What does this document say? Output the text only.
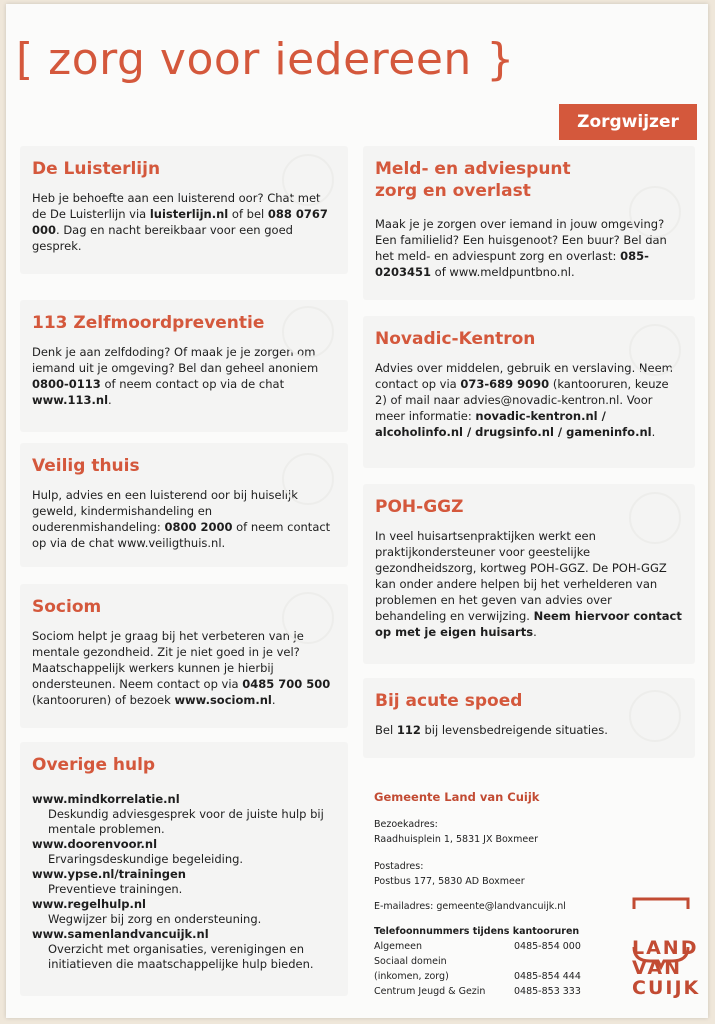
[ zorg voor iedereen }
Zorgwijzer
De Luisterlijn

Heb je behoefte aan een luisterend oor? Chat met de De Luisterlijn via luisterlijn.nl of bel 088 0767 000. Dag en nacht bereikbaar voor een goed gesprek.

Meld- en adviespunt zorg en overlast

Maak je je zorgen over iemand in jouw omgeving? Een familielid? Een huisgenoot? Een buur? Bel dan het meld- en adviespunt zorg en overlast: 085-0203451 of www.meldpuntbno.nl.

113 Zelfmoordpreventie

Denk je aan zelfdoding? Of maak je je zorgen om iemand uit je omgeving? Bel dan geheel anoniem 0800-0113 of neem contact op via de chat www.113.nl.

Novadic-Kentron

Advies over middelen, gebruik en verslaving. Neem contact op via 073-689 9090 (kantooruren, keuze 2) of mail naar advies@novadic-kentron.nl. Voor meer informatie: novadic-kentron.nl / alcoholinfo.nl / drugsinfo.nl / gameninfo.nl.

Veilig thuis

Hulp, advies en een luisterend oor bij huiselijk geweld, kindermishandeling en ouderenmishandeling: 0800 2000 of neem contact op via de chat www.veiligthuis.nl.

POH-GGZ

In veel huisartsenpraktijken werkt een praktijkondersteuner voor geestelijke gezondheidszorg, kortweg POH-GGZ. De POH-GGZ kan onder andere helpen bij het verhelderen van problemen en het geven van advies over behandeling en verwijzing. Neem hiervoor contact op met je eigen huisarts.

Sociom

Sociom helpt je graag bij het verbeteren van je mentale gezondheid. Zit je niet goed in je vel? Maatschappelijk werkers kunnen je hierbij ondersteunen. Neem contact op via 0485 700 500 (kantooruren) of bezoek www.sociom.nl.	Bij acute spoed

Bel 112 bij levensbedreigende situaties.

Overige hulp
www.mindkorrelatie.nl
Deskundig adviesgesprek voor de juiste hulp bij mentale problemen.
www.doorenvoor.nl
Ervaringsdeskundige begeleiding.
www.ypse.nl/trainingen
Preventieve trainingen.
www.regelhulp.nl
Wegwijzer bij zorg en ondersteuning.
www.samenlandvancuijk.nl
Overzicht met organisaties, verenigingen en initiatieven die maatschappelijke hulp bieden.
Gemeente Land van Cuijk
Bezoekadres:
Raadhuisplein 1, 5831 JX Boxmeer
Postadres:
Postbus 177, 5830 AD Boxmeer
E-mailadres: gemeente@landvancuijk.nl
Telefoonnummers tijdens kantooruren
Algemeen	0485-854 000
Sociaal domein
(inkomen, zorg)	0485-854 444
Centrum Jeugd & Gezin	0485-853 333
LAND
VAN
CUIJK
